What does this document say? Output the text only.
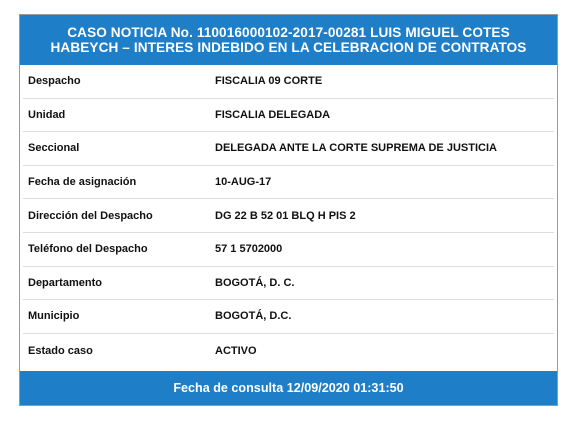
CASO NOTICIA No. 110016000102-2017-00281 LUIS MIGUEL COTES
HABEYCH – INTERES INDEBIDO EN LA CELEBRACION DE CONTRATOS
Despacho	FISCALIA 09 CORTE
Unidad	FISCALIA DELEGADA
Seccional	DELEGADA ANTE LA CORTE SUPREMA DE JUSTICIA
Fecha de asignación	10-AUG-17
Dirección del Despacho	DG 22 B 52 01 BLQ H PIS 2
Teléfono del Despacho	57 1 5702000
Departamento	BOGOTÁ, D. C.
Municipio	BOGOTÁ, D.C.
Estado caso	ACTIVO
Fecha de consulta 12/09/2020 01:31:50
